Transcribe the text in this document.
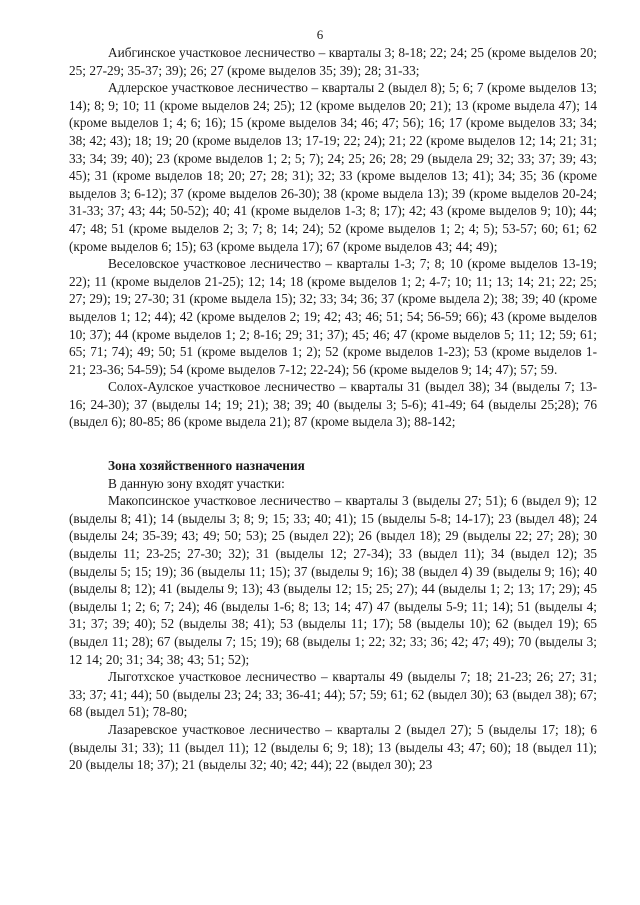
6

Аибгинское участковое лесничество – кварталы 3; 8-18; 22; 24; 25 (кроме выделов 20; 25; 27-29; 35-37; 39); 26; 27 (кроме выделов 35; 39); 28; 31-33;

Адлерское участковое лесничество – кварталы 2 (выдел 8); 5; 6; 7 (кроме выделов 13; 14); 8; 9; 10; 11 (кроме выделов 24; 25); 12 (кроме выделов 20; 21); 13 (кроме выдела 47); 14 (кроме выделов 1; 4; 6; 16); 15 (кроме выделов 34; 46; 47; 56); 16; 17 (кроме выделов 33; 34; 38; 42; 43); 18; 19; 20 (кроме выделов 13; 17-19; 22; 24); 21; 22 (кроме выделов 12; 14; 21; 31; 33; 34; 39; 40); 23 (кроме выделов 1; 2; 5; 7); 24; 25; 26; 28; 29 (выдела 29; 32; 33; 37; 39; 43; 45); 31 (кроме выделов 18; 20; 27; 28; 31); 32; 33 (кроме выделов 13; 41); 34; 35; 36 (кроме выделов 3; 6-12); 37 (кроме выделов 26-30); 38 (кроме выдела 13); 39 (кроме выделов 20-24; 31-33; 37; 43; 44; 50-52); 40; 41 (кроме выделов 1-3; 8; 17); 42; 43 (кроме выделов 9; 10); 44; 47; 48; 51 (кроме выделов 2; 3; 7; 8; 14; 24); 52 (кроме выделов 1; 2; 4; 5); 53-57; 60; 61; 62 (кроме выделов 6; 15); 63 (кроме выдела 17); 67 (кроме выделов 43; 44; 49);

Веселовское участковое лесничество – кварталы 1-3; 7; 8; 10 (кроме выделов 13-19; 22); 11 (кроме выделов 21-25); 12; 14; 18 (кроме выделов 1; 2; 4-7; 10; 11; 13; 14; 21; 22; 25; 27; 29); 19; 27-30; 31 (кроме выдела 15); 32; 33; 34; 36; 37 (кроме выдела 2); 38; 39; 40 (кроме выделов 1; 12; 44); 42 (кроме выделов 2; 19; 42; 43; 46; 51; 54; 56-59; 66); 43 (кроме выделов 10; 37); 44 (кроме выделов 1; 2; 8-16; 29; 31; 37); 45; 46; 47 (кроме выделов 5; 11; 12; 59; 61; 65; 71; 74); 49; 50; 51 (кроме выделов 1; 2); 52 (кроме выделов 1-23); 53 (кроме выделов 1-21; 23-36; 54-59); 54 (кроме выделов 7-12; 22-24); 56 (кроме выделов 9; 14; 47); 57; 59.

Солох-Аулское участковое лесничество – кварталы 31 (выдел 38); 34 (выделы 7; 13-16; 24-30); 37 (выделы 14; 19; 21); 38; 39; 40 (выделы 3; 5-6); 41-49; 64 (выделы 25;28); 76 (выдел 6); 80-85; 86 (кроме выдела 21); 87 (кроме выдела 3); 88-142;

Зона хозяйственного назначения

В данную зону входят участки:

Макопсинское участковое лесничество – кварталы 3 (выделы 27; 51); 6 (выдел 9); 12 (выделы 8; 41); 14 (выделы 3; 8; 9; 15; 33; 40; 41); 15 (выделы 5-8; 14-17); 23 (выдел 48); 24 (выделы 24; 35-39; 43; 49; 50; 53); 25 (выдел 22); 26 (выдел 18); 29 (выделы 22; 27; 28); 30 (выделы 11; 23-25; 27-30; 32); 31 (выделы 12; 27-34); 33 (выдел 11); 34 (выдел 12); 35 (выделы 5; 15; 19); 36 (выделы 11; 15); 37 (выделы 9; 16); 38 (выдел 4) 39 (выделы 9; 16); 40 (выделы 8; 12); 41 (выделы 9; 13); 43 (выделы 12; 15; 25; 27); 44 (выделы 1; 2; 13; 17; 29); 45 (выделы 1; 2; 6; 7; 24); 46 (выделы 1-6; 8; 13; 14; 47) 47 (выделы 5-9; 11; 14); 51 (выделы 4; 31; 37; 39; 40); 52 (выделы 38; 41); 53 (выделы 11; 17); 58 (выделы 10); 62 (выдел 19); 65 (выдел 11; 28); 67 (выделы 7; 15; 19); 68 (выделы 1; 22; 32; 33; 36; 42; 47; 49); 70 (выделы 3; 12 14; 20; 31; 34; 38; 43; 51; 52);

Лыготхское участковое лесничество – кварталы 49 (выделы 7; 18; 21-23; 26; 27; 31; 33; 37; 41; 44); 50 (выделы 23; 24; 33; 36-41; 44); 57; 59; 61; 62 (выдел 30); 63 (выдел 38); 67; 68 (выдел 51); 78-80;

Лазаревское участковое лесничество – кварталы 2 (выдел 27); 5 (выделы 17; 18); 6 (выделы 31; 33); 11 (выдел 11); 12 (выделы 6; 9; 18); 13 (выделы 43; 47; 60); 18 (выдел 11); 20 (выделы 18; 37); 21 (выделы 32; 40; 42; 44); 22 (выдел 30); 23
